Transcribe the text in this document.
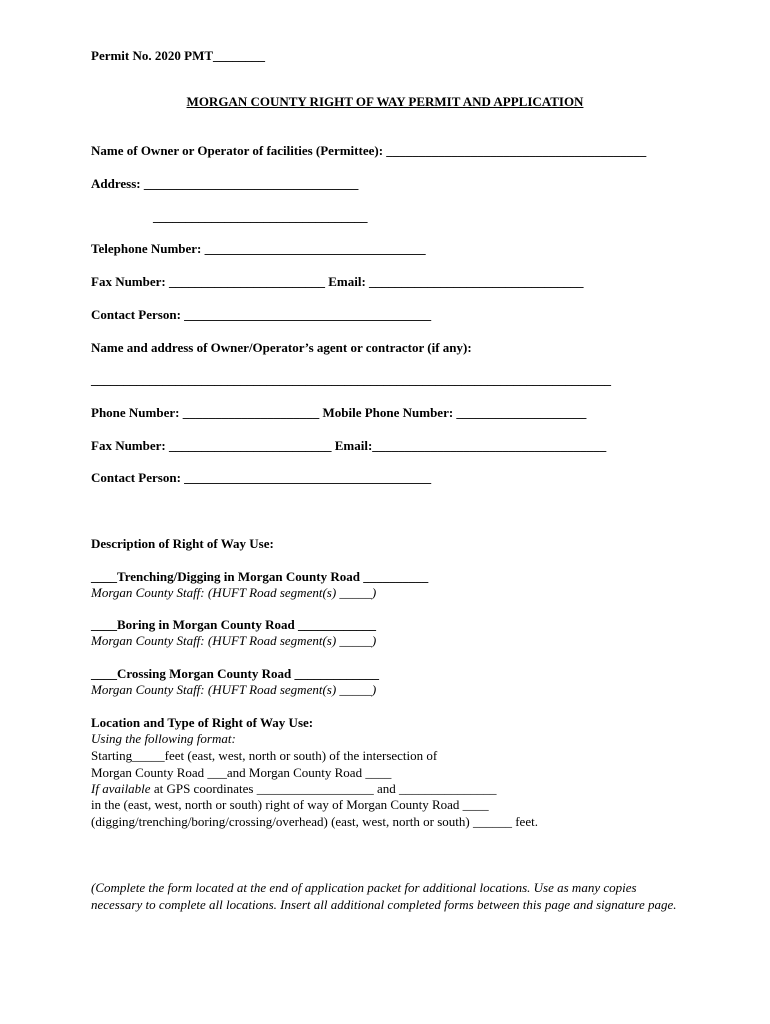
Permit No. 2020 PMT________
MORGAN COUNTY RIGHT OF WAY PERMIT AND APPLICATION
Name of Owner or Operator of facilities (Permittee): ________________________________________
Address: _________________________________
_________________________________
Telephone Number: __________________________________
Fax Number: ________________________ Email: _________________________________
Contact Person: ______________________________________
Name and address of Owner/Operator’s agent or contractor (if any):
________________________________________________________________________________
Phone Number: _____________________ Mobile Phone Number: ____________________
Fax Number: _________________________ Email:____________________________________
Contact Person: ______________________________________
Description of Right of Way Use:
____Trenching/Digging in Morgan County Road __________
Morgan County Staff: (HUFT Road segment(s) _____)
____Boring in Morgan County Road ____________
Morgan County Staff: (HUFT Road segment(s) _____)
____Crossing Morgan County Road _____________
Morgan County Staff: (HUFT Road segment(s) _____)
Location and Type of Right of Way Use:
Using the following format:
Starting_____feet (east, west, north or south) of the intersection of
Morgan County Road ___and Morgan County Road ____
If available at GPS coordinates __________________ and _______________
in the (east, west, north or south) right of way of Morgan County Road ____
(digging/trenching/boring/crossing/overhead) (east, west, north or south) ______ feet.
(Complete the form located at the end of application packet for additional locations. Use as many copies necessary to complete all locations. Insert all additional completed forms between this page and signature page.
